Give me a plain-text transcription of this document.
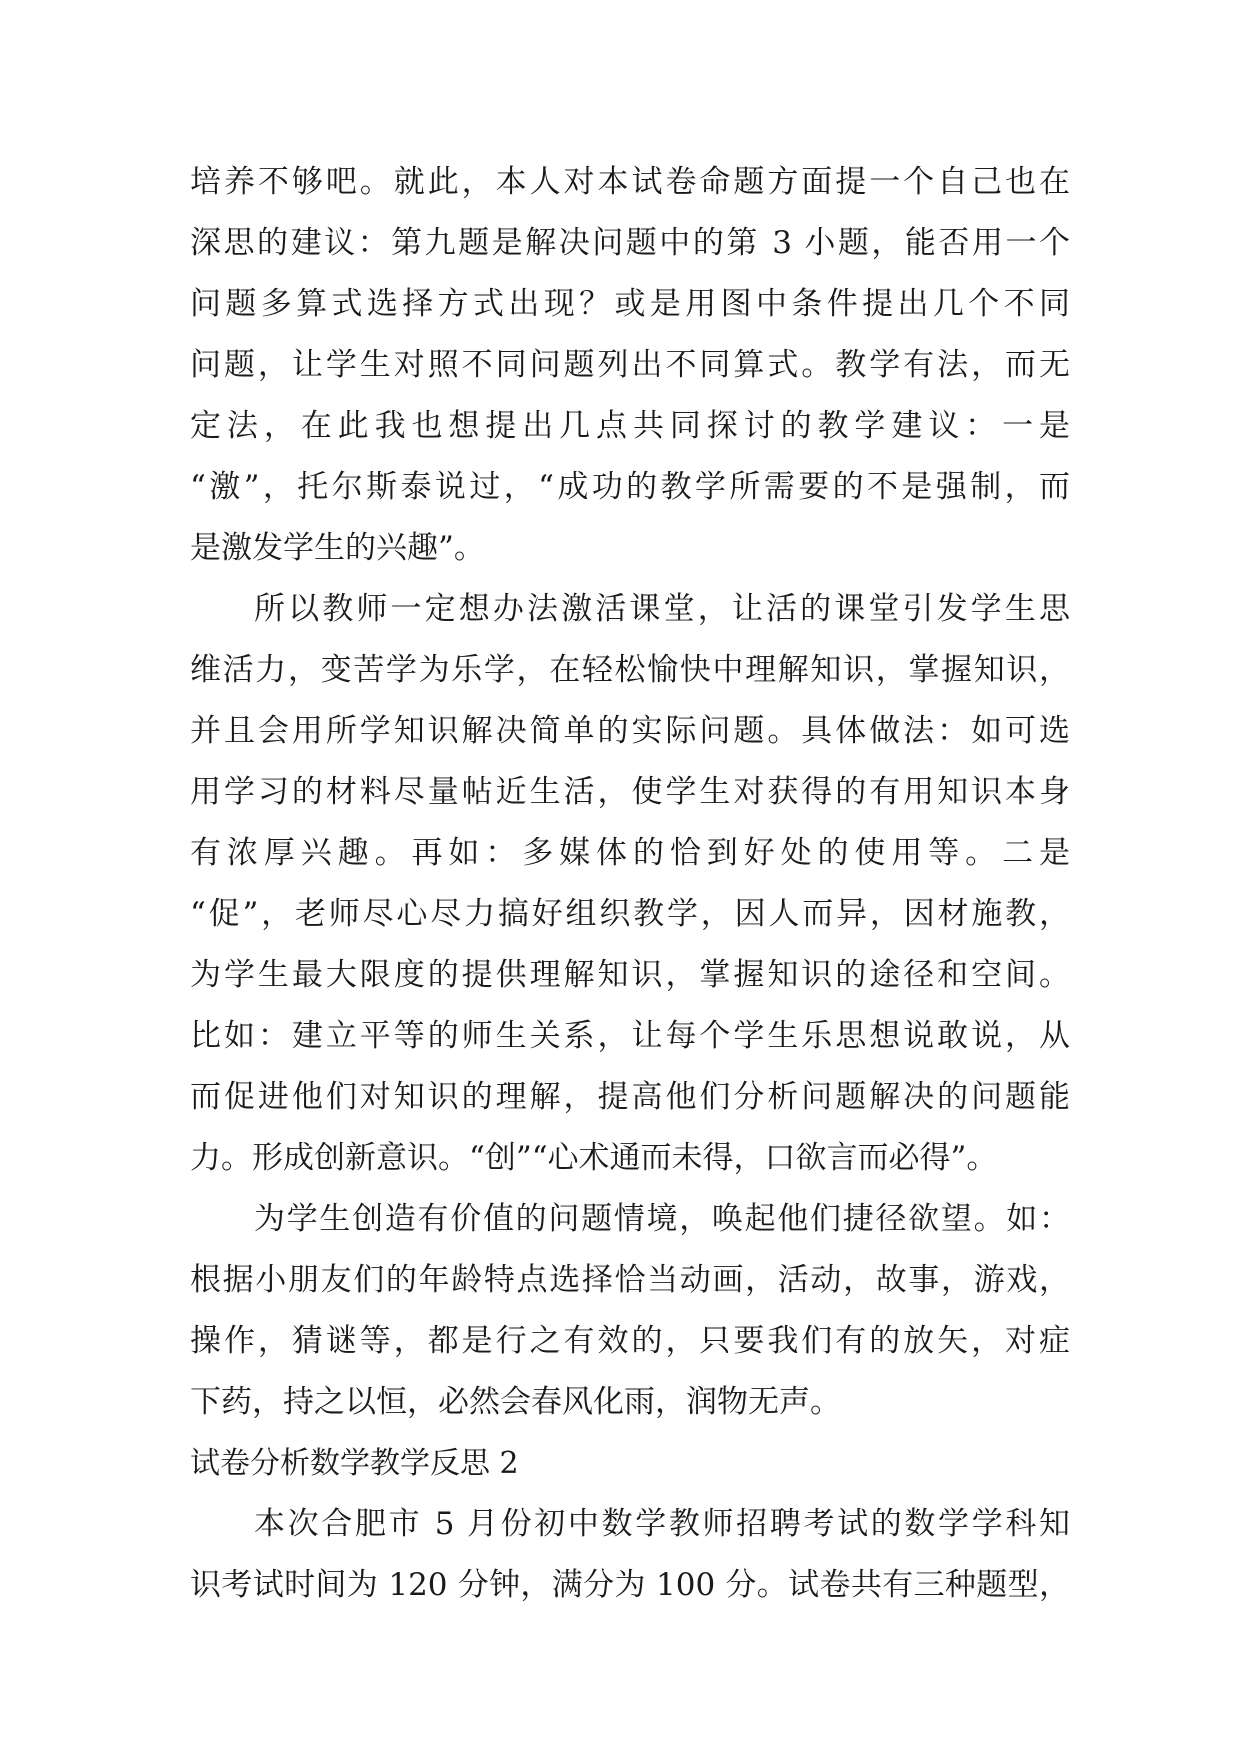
培养不够吧。就此，本人对本试卷命题方面提一个自己也在
深思的建议：第九题是解决问题中的第 3 小题，能否用一个
问题多算式选择方式出现？或是用图中条件提出几个不同
问题，让学生对照不同问题列出不同算式。教学有法，而无
定法，在此我也想提出几点共同探讨的教学建议：一是
“激”，托尔斯泰说过，“成功的教学所需要的不是强制，而
是激发学生的兴趣”。
所以教师一定想办法激活课堂，让活的课堂引发学生思
维活力，变苦学为乐学，在轻松愉快中理解知识，掌握知识，
并且会用所学知识解决简单的实际问题。具体做法：如可选
用学习的材料尽量帖近生活，使学生对获得的有用知识本身
有浓厚兴趣。再如：多媒体的恰到好处的使用等。二是
“促”，老师尽心尽力搞好组织教学，因人而异，因材施教，
为学生最大限度的提供理解知识，掌握知识的途径和空间。
比如：建立平等的师生关系，让每个学生乐思想说敢说，从
而促进他们对知识的理解，提高他们分析问题解决的问题能
力。形成创新意识。“创”“心术通而未得，口欲言而必得”。
为学生创造有价值的问题情境，唤起他们捷径欲望。如：
根据小朋友们的年龄特点选择恰当动画，活动，故事，游戏，
操作，猜谜等，都是行之有效的，只要我们有的放矢，对症
下药，持之以恒，必然会春风化雨，润物无声。
试卷分析数学教学反思 2
本次合肥市 5 月份初中数学教师招聘考试的数学学科知
识考试时间为 120 分钟，满分为 100 分。试卷共有三种题型，
